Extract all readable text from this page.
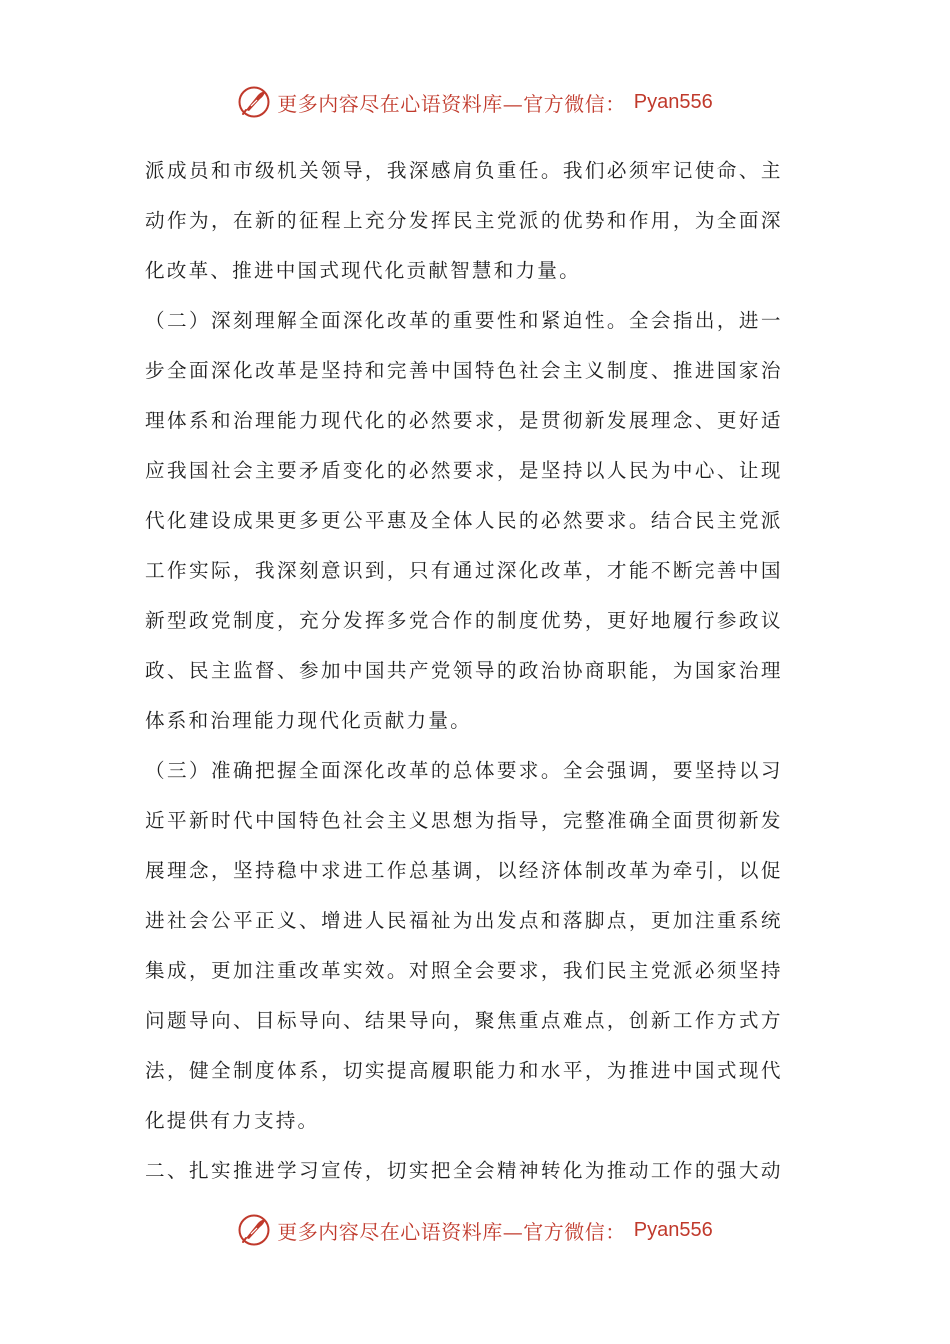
更多内容尽在心语资料库—官方微信： Pyan556
派成员和市级机关领导，我深感肩负重任。我们必须牢记使命、主
动作为，在新的征程上充分发挥民主党派的优势和作用，为全面深
化改革、推进中国式现代化贡献智慧和力量。
（二）深刻理解全面深化改革的重要性和紧迫性。全会指出，进一
步全面深化改革是坚持和完善中国特色社会主义制度、推进国家治
理体系和治理能力现代化的必然要求，是贯彻新发展理念、更好适
应我国社会主要矛盾变化的必然要求，是坚持以人民为中心、让现
代化建设成果更多更公平惠及全体人民的必然要求。结合民主党派
工作实际，我深刻意识到，只有通过深化改革，才能不断完善中国
新型政党制度，充分发挥多党合作的制度优势，更好地履行参政议
政、民主监督、参加中国共产党领导的政治协商职能，为国家治理
体系和治理能力现代化贡献力量。
（三）准确把握全面深化改革的总体要求。全会强调，要坚持以习
近平新时代中国特色社会主义思想为指导，完整准确全面贯彻新发
展理念，坚持稳中求进工作总基调，以经济体制改革为牵引，以促
进社会公平正义、增进人民福祉为出发点和落脚点，更加注重系统
集成，更加注重改革实效。对照全会要求，我们民主党派必须坚持
问题导向、目标导向、结果导向，聚焦重点难点，创新工作方式方
法，健全制度体系，切实提高履职能力和水平，为推进中国式现代
化提供有力支持。
二、扎实推进学习宣传，切实把全会精神转化为推动工作的强大动
更多内容尽在心语资料库—官方微信： Pyan556
